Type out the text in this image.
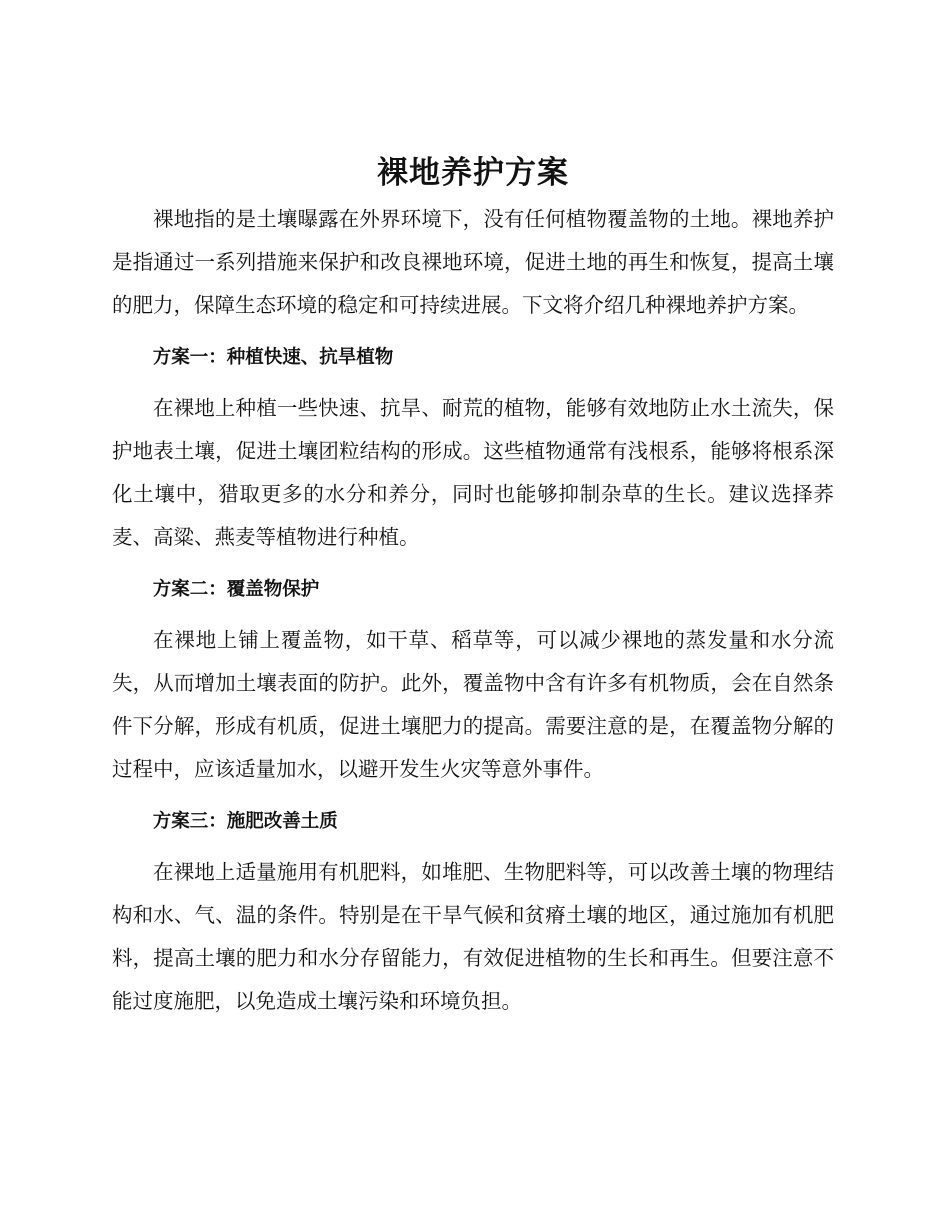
裸地养护方案

裸地指的是土壤曝露在外界环境下，没有任何植物覆盖物的土地。裸地养护是指通过一系列措施来保护和改良裸地环境，促进土地的再生和恢复，提高土壤的肥力，保障生态环境的稳定和可持续进展。下文将介绍几种裸地养护方案。

方案一：种植快速、抗旱植物

在裸地上种植一些快速、抗旱、耐荒的植物，能够有效地防止水土流失，保护地表土壤，促进土壤团粒结构的形成。这些植物通常有浅根系，能够将根系深化土壤中，猎取更多的水分和养分，同时也能够抑制杂草的生长。建议选择荞麦、高粱、燕麦等植物进行种植。

方案二：覆盖物保护

在裸地上铺上覆盖物，如干草、稻草等，可以减少裸地的蒸发量和水分流失，从而增加土壤表面的防护。此外，覆盖物中含有许多有机物质，会在自然条件下分解，形成有机质，促进土壤肥力的提高。需要注意的是，在覆盖物分解的过程中，应该适量加水，以避开发生火灾等意外事件。

方案三：施肥改善土质

在裸地上适量施用有机肥料，如堆肥、生物肥料等，可以改善土壤的物理结构和水、气、温的条件。特别是在干旱气候和贫瘠土壤的地区，通过施加有机肥料，提高土壤的肥力和水分存留能力，有效促进植物的生长和再生。但要注意不能过度施肥，以免造成土壤污染和环境负担。
